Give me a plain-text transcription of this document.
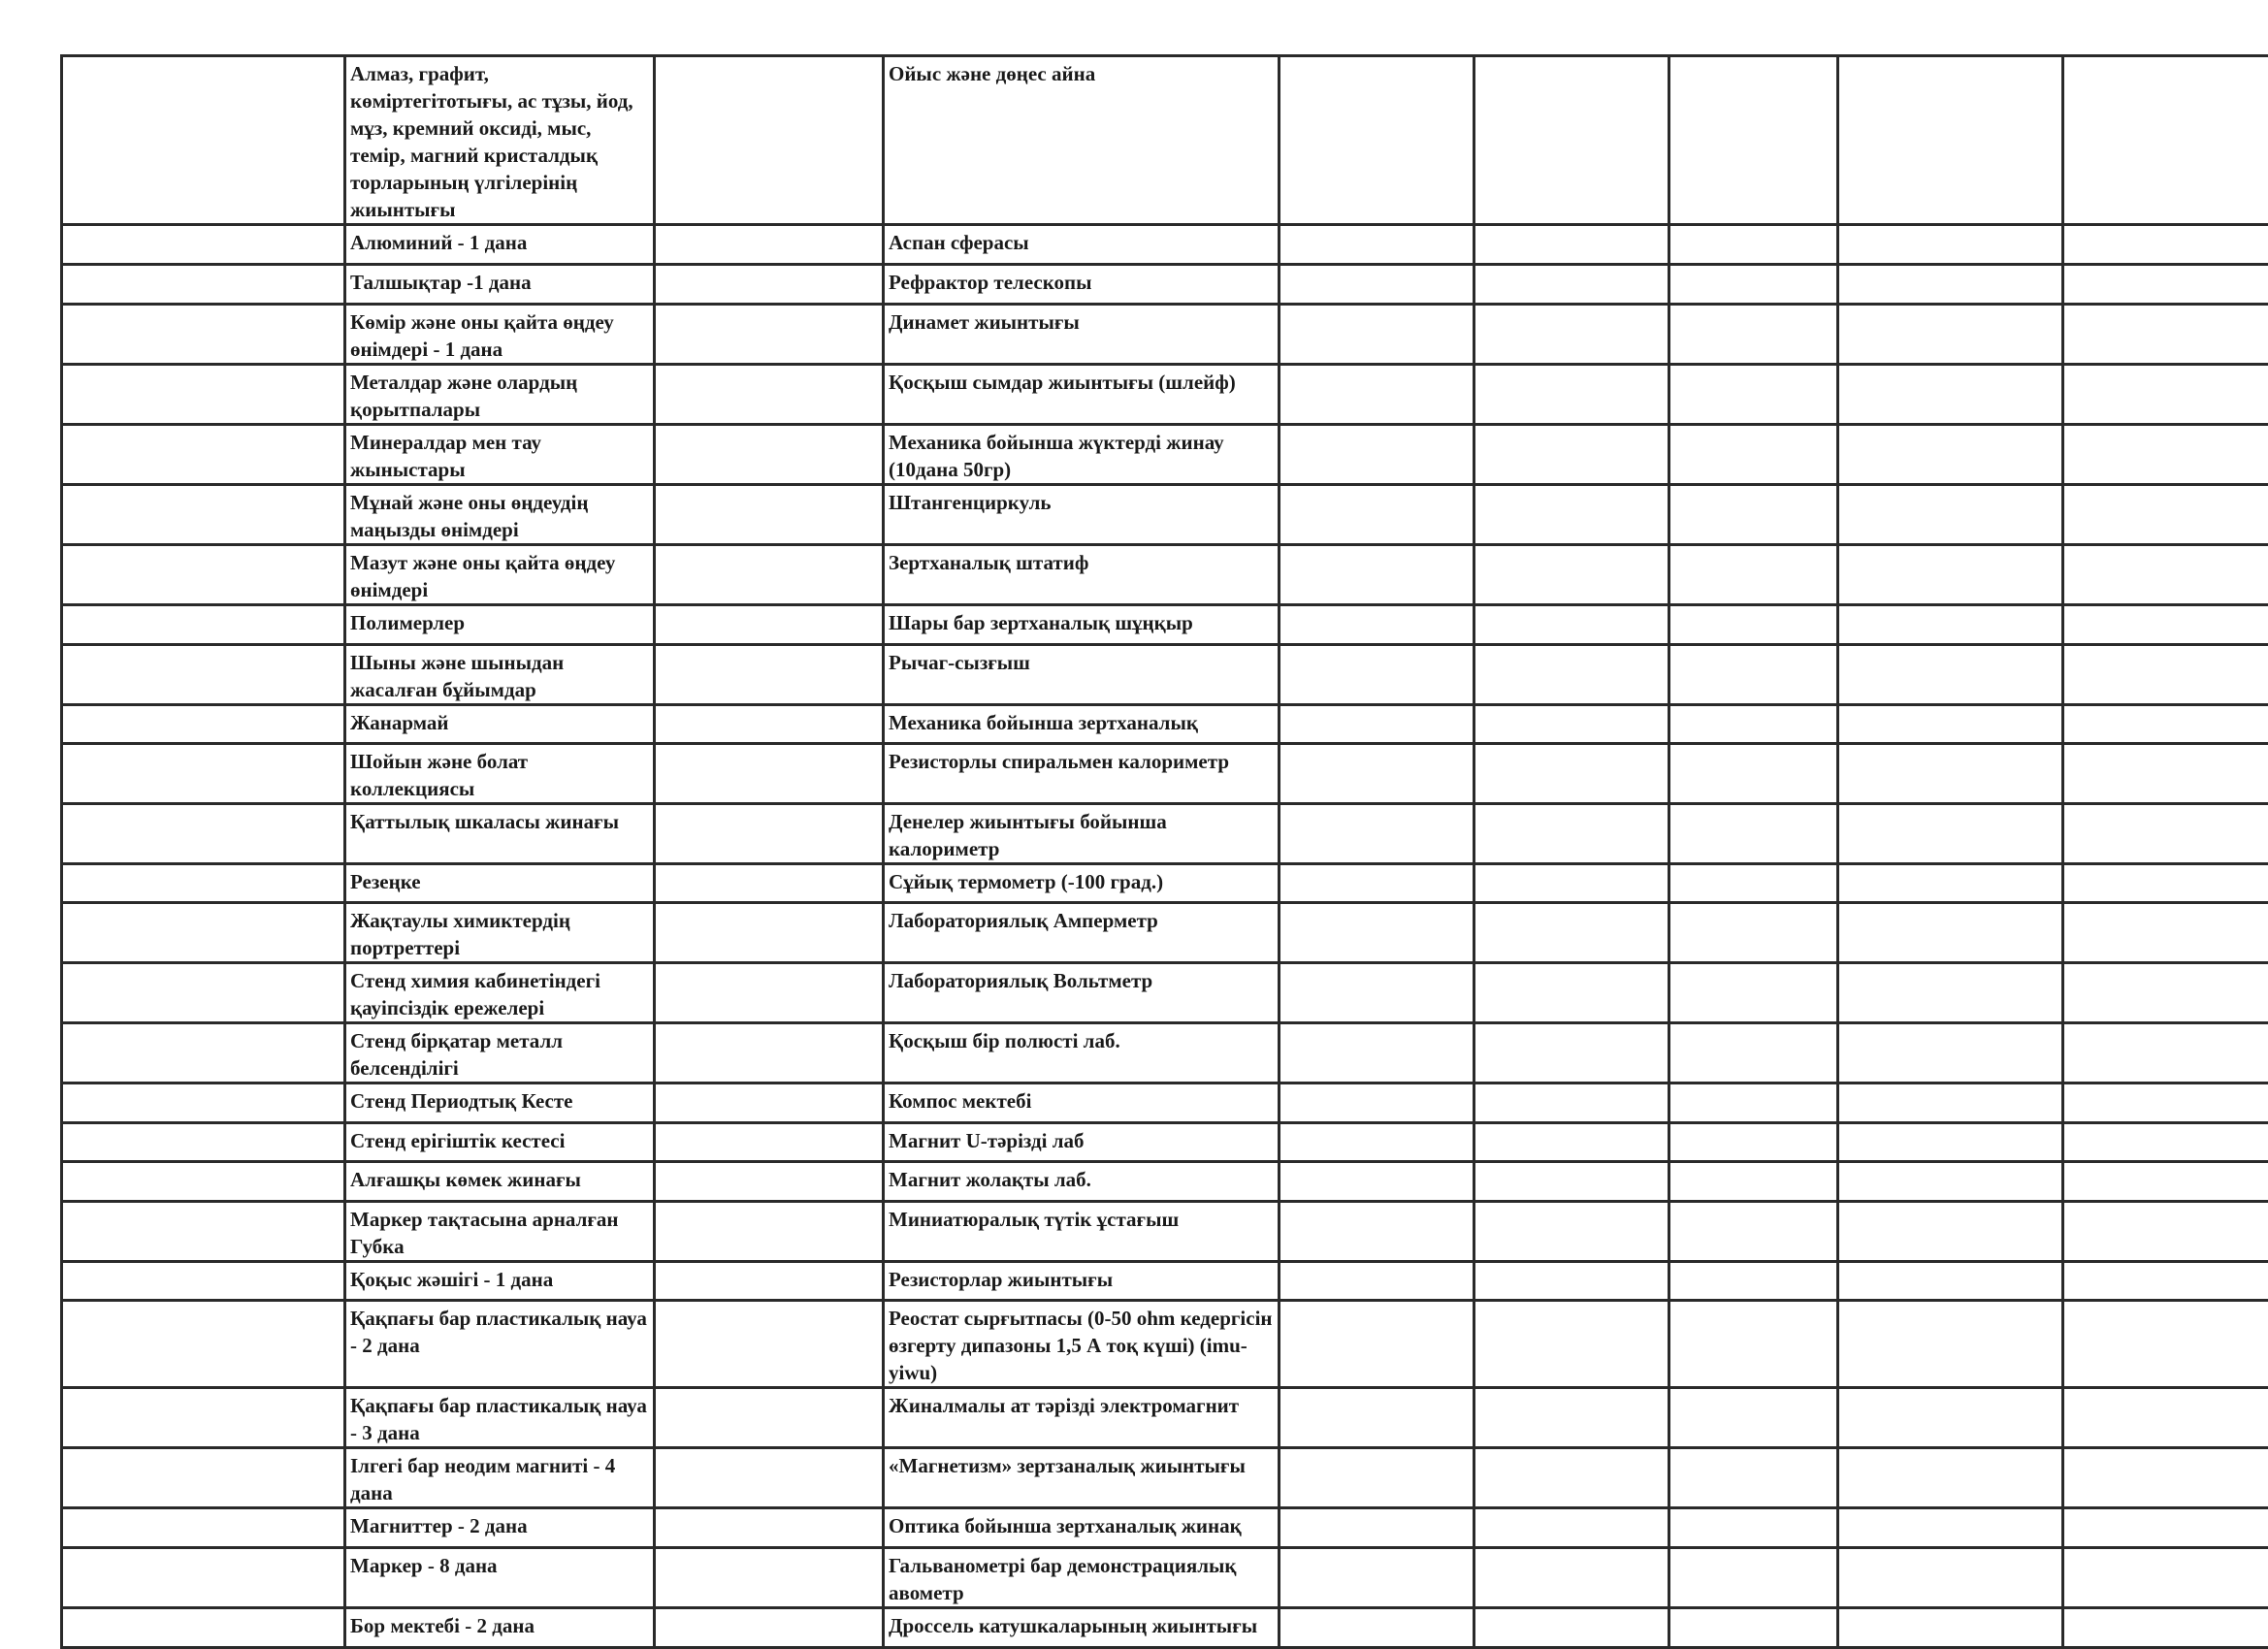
	Алмаз, графит, көміртегітотығы, ас тұзы, йод, мұз, кремний оксиді, мыс, темір, магний кристалдық торларының үлгілерінің жиынтығы		Ойыс және дөңес айна					

	Алюминий - 1 дана		Аспан сферасы					

	Талшықтар -1 дана		Рефрактор телескопы					

	Көмір және оны қайта өңдеу өнімдері - 1 дана		Динамет жиынтығы					

	Металдар және олардың қорытпалары		Қосқыш сымдар жиынтығы (шлейф)					

	Минералдар мен тау жыныстары		Механика бойынша жүктерді жинау (10дана 50гр)					

	Мұнай және оны өңдеудің маңызды өнімдері		Штангенциркуль					

	Мазут және оны қайта өңдеу өнімдері		Зертханалық штатиф					

	Полимерлер		Шары бар зертханалық шұңқыр					

	Шыны және шыныдан жасалған бұйымдар		Рычаг-сызғыш					

	Жанармай		Механика бойынша зертханалық					

	Шойын және болат коллекциясы		Резисторлы спиральмен калориметр					

	Қаттылық шкаласы жинағы		Денелер жиынтығы бойынша калориметр					

	Резеңке		Сұйық термометр (-100 град.)					

	Жақтаулы химиктердің портреттері		Лабораториялық Амперметр					

	Стенд химия кабинетіндегі қауіпсіздік ережелері		Лабораториялық Вольтметр					

	Стенд бірқатар металл белсенділігі		Қосқыш бір полюсті лаб.					

	Стенд Периодтық Кесте		Компос мектебі					

	Стенд ерігіштік кестесі		Магнит U-тәрізді лаб					

	Алғашқы көмек жинағы		Магнит жолақты лаб.					

	Маркер тақтасына арналған Губка		Миниатюралық түтік ұстағыш					

	Қоқыс жәшігі - 1 дана		Резисторлар жиынтығы					

	Қақпағы бар пластикалық науа - 2 дана		Реостат сырғытпасы (0-50 ohm кедергісін өзгерту дипазоны 1,5 А тоқ күші) (imu-yiwu)					

	Қақпағы бар пластикалық науа - 3 дана		Жиналмалы ат тәрізді электромагнит					

	Ілгегі бар неодим магниті - 4 дана		«Магнетизм» зертзаналық жиынтығы					

	Магниттер - 2 дана		Оптика бойынша зертханалық жинақ					

	Маркер - 8 дана		Гальванометрі бар демонстрациялық авометр					

	Бор мектебі - 2 дана		Дроссель катушкаларының жиынтығы					
